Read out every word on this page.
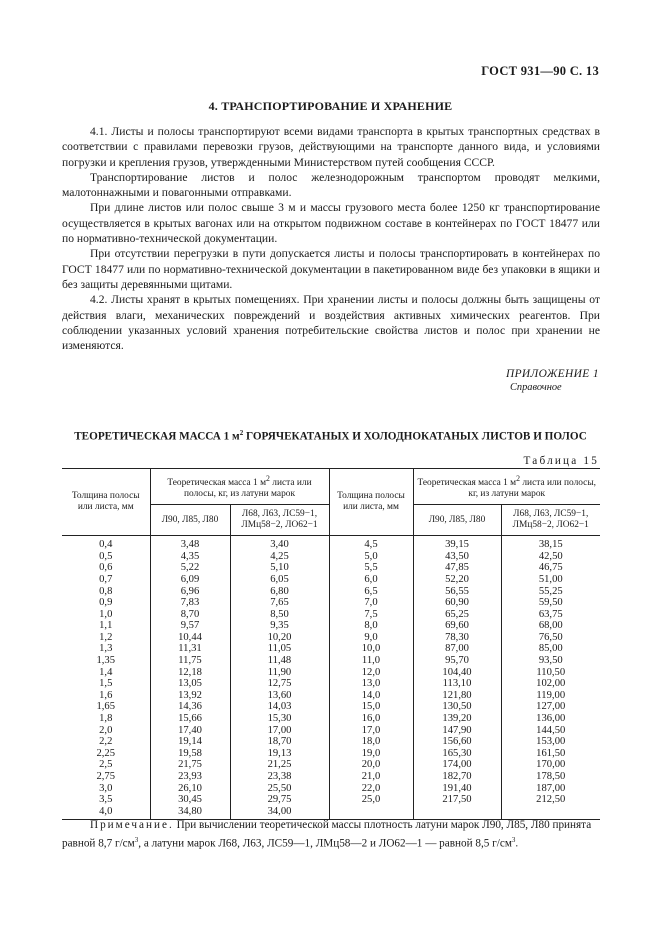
ГОСТ 931—90 С. 13
4. ТРАНСПОРТИРОВАНИЕ И ХРАНЕНИЕ

4.1. Листы и полосы транспортируют всеми видами транспорта в крытых транспортных средствах в соответствии с правилами перевозки грузов, действующими на транспорте данного вида, и условиями погрузки и крепления грузов, утвержденными Министерством путей сообщения СССР.

Транспортирование листов и полос железнодорожным транспортом проводят мелкими, малотоннажными и повагонными отправками.

При длине листов или полос свыше 3 м и массы грузового места более 1250 кг транспортирование осуществляется в крытых вагонах или на открытом подвижном составе в контейнерах по ГОСТ 18477 или по нормативно-технической документации.

При отсутствии перегрузки в пути допускается листы и полосы транспортировать в контейнерах по ГОСТ 18477 или по нормативно-технической документации в пакетированном виде без упаковки в ящики и без защиты деревянными щитами.

4.2. Листы хранят в крытых помещениях. При хранении листы и полосы должны быть защищены от действия влаги, механических повреждений и воздействия активных химических реагентов. При соблюдении указанных условий хранения потребительские свойства листов и полос при хранении не изменяются.

ПРИЛОЖЕНИЕ 1
Справочное
ТЕОРЕТИЧЕСКАЯ МАССА 1 $м^2$ ГОРЯЧЕКАТАНЫХ И ХОЛОДНОКАТАНЫХ ЛИСТОВ И ПОЛОС
Таблица 15
Толщина полосы или листа, мм	Теоретическая масса 1 $м^2$ листа или полосы, кг, из латуни марок		Толщина полосы или листа, мм	Теоретическая масса 1 $м^2$ листа или полосы, кг, из латуни марок	
	Л90, Л85, Л80	Л68, Л63, ЛС59−1, ЛМц58−2, ЛО62−1		Л90, Л85, Л80	Л68, Л63, ЛС59−1, ЛМц58−2, ЛО62−1
0,4	3,48	3,40	4,5	39,15	38,15
0,5	4,35	4,25	5,0	43,50	42,50
0,6	5,22	5,10	5,5	47,85	46,75
0,7	6,09	6,05	6,0	52,20	51,00
0,8	6,96	6,80	6,5	56,55	55,25
0,9	7,83	7,65	7,0	60,90	59,50
1,0	8,70	8,50	7,5	65,25	63,75
1,1	9,57	9,35	8,0	69,60	68,00
1,2	10,44	10,20	9,0	78,30	76,50
1,3	11,31	11,05	10,0	87,00	85,00
1,35	11,75	11,48	11,0	95,70	93,50
1,4	12,18	11,90	12,0	104,40	110,50
1,5	13,05	12,75	13,0	113,10	102,00
1,6	13,92	13,60	14,0	121,80	119,00
1,65	14,36	14,03	15,0	130,50	127,00
1,8	15,66	15,30	16,0	139,20	136,00
2,0	17,40	17,00	17,0	147,90	144,50
2,2	19,14	18,70	18,0	156,60	153,00
2,25	19,58	19,13	19,0	165,30	161,50
2,5	21,75	21,25	20,0	174,00	170,00
2,75	23,93	23,38	21,0	182,70	178,50
3,0	26,10	25,50	22,0	191,40	187,00
3,5	30,45	29,75	25,0	217,50	212,50
4,0	34,80	34,00			

Примечание. При вычислении теоретической массы плотность латуни марок Л90, Л85, Л80 принята равной 8,7 $г/см^3$, а латуни марок Л68, Л63, ЛС59—1, ЛМц58—2 и ЛО62—1 — равной 8,5 $г/см^3$.
